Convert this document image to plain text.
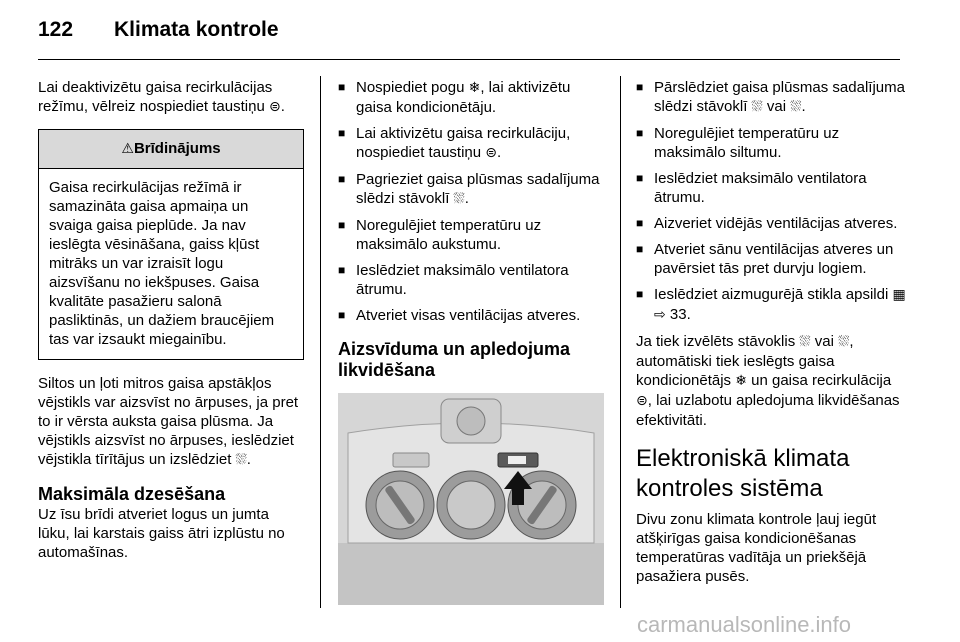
122 Klimata kontrole

Lai deaktivizētu gaisa recirkulācijas režīmu, vēlreiz nospiediet taustiņu ⊜.

⚠Brīdinājums
Gaisa recirkulācijas režīmā ir samazināta gaisa apmaiņa un svaiga gaisa pieplūde. Ja nav ieslēgta vēsināšana, gaiss kļūst mitrāks un var izraisīt logu aizsvīšanu no iekšpuses. Gaisa kvalitāte pasažieru salonā pasliktinās, un dažiem braucējiem tas var izsaukt miegainību.

Siltos un ļoti mitros gaisa apstākļos vējstikls var aizsvīst no ārpuses, ja pret to ir vērsta auksta gaisa plūsma. Ja vējstikls aizsvīst no ārpuses, ieslēdziet vējstikla tīrītājus un izslēdziet ⛆.

Maksimāla dzesēšana

Uz īsu brīdi atveriet logus un jumta lūku, lai karstais gaiss ātri izplūstu no automašīnas.

■ Nospiediet pogu ❄, lai aktivizētu gaisa kondicionētāju.
■ Lai aktivizētu gaisa recirkulāciju, nospiediet taustiņu ⊜.
■ Pagrieziet gaisa plūsmas sadalījuma slēdzi stāvoklī ⛆.
■ Noregulējiet temperatūru uz maksimālo aukstumu.
■ Ieslēdziet maksimālo ventilatora ātrumu.
■ Atveriet visas ventilācijas atveres.
Aizsvīduma un apledojuma likvidēšana
■ Pārslēdziet gaisa plūsmas sadalījuma slēdzi stāvoklī ⛆ vai ⛆.
■ Noregulējiet temperatūru uz maksimālo siltumu.
■ Ieslēdziet maksimālo ventilatora ātrumu.
■ Aizveriet vidējās ventilācijas atveres.
■ Atveriet sānu ventilācijas atveres un pavērsiet tās pret durvju logiem.
■ Ieslēdziet aizmugurējā stikla apsildi ▦ ⇨ 33.

Ja tiek izvēlēts stāvoklis ⛆ vai ⛆, automātiski tiek ieslēgts gaisa kondicionētājs ❄ un gaisa recirkulācija ⊜, lai uzlabotu apledojuma likvidēšanas efektivitāti.

Elektroniskā klimata kontroles sistēma

Divu zonu klimata kontrole ļauj iegūt atšķirīgas gaisa kondicionēšanas temperatūras vadītāja un priekšējā pasažiera pusēs.

carmanualsonline.info
